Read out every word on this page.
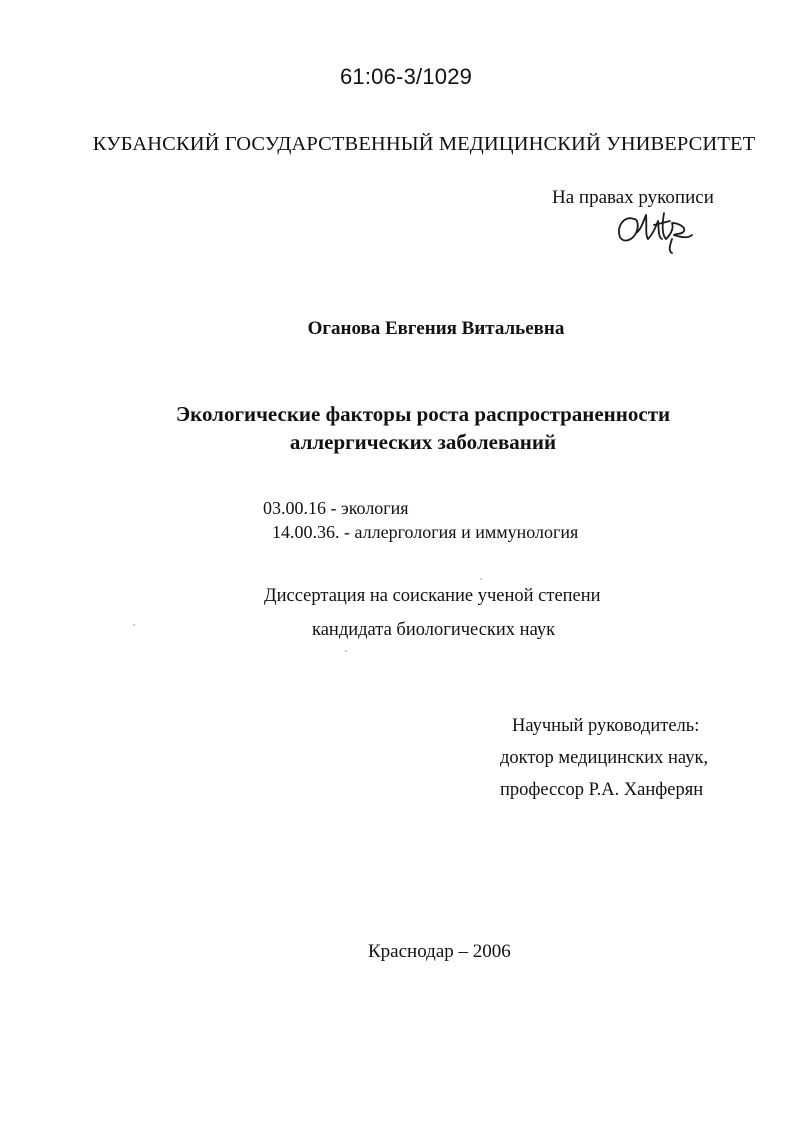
61:06-3/1029
КУБАНСКИЙ ГОСУДАРСТВЕННЫЙ МЕДИЦИНСКИЙ УНИВЕРСИТЕТ
На правах рукописи
Оганова Евгения Витальевна
Экологические факторы роста распространенности
аллергических заболеваний
03.00.16 - экология
14.00.36. - аллергология и иммунология
Диссертация на соискание ученой степени
кандидата биологических наук
Научный руководитель:
доктор медицинских наук,
профессор Р.А. Ханферян
Краснодар – 2006
